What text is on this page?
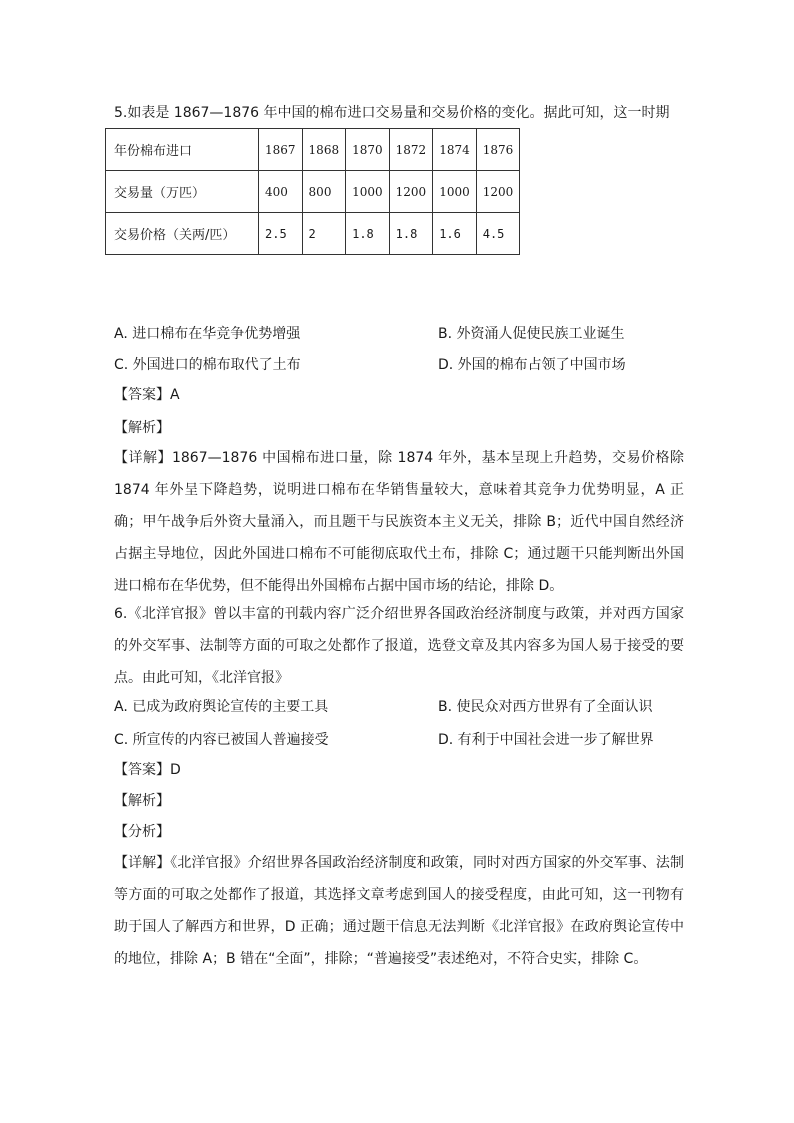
5.如表是 1867—1876 年中国的棉布进口交易量和交易价格的变化。据此可知，这一时期
年份棉布进口	1867	1868	1870	1872	1874	1876
交易量（万匹）	400	800	1000	1200	1000	1200
交易价格（关两/匹）	2.5	2	1.8	1.8	1.6	4.5
A. 进口棉布在华竞争优势增强	B. 外资涌人促使民族工业诞生
C. 外国进口的棉布取代了土布	D. 外国的棉布占领了中国市场
【答案】A
【解析】
【详解】1867—1876 中国棉布进口量，除 1874 年外，基本呈现上升趋势，交易价格除 1874 年外呈下降趋势，说明进口棉布在华销售量较大，意味着其竞争力优势明显，A 正确；甲午战争后外资大量涌入，而且题干与民族资本主义无关，排除 B；近代中国自然经济占据主导地位，因此外国进口棉布不可能彻底取代土布，排除 C；通过题干只能判断出外国进口棉布在华优势，但不能得出外国棉布占据中国市场的结论，排除 D。
6.《北洋官报》曾以丰富的刊载内容广泛介绍世界各国政治经济制度与政策，并对西方国家的外交军事、法制等方面的可取之处都作了报道，选登文章及其内容多为国人易于接受的要点。由此可知，《北洋官报》
A. 已成为政府舆论宣传的主要工具	B. 使民众对西方世界有了全面认识
C. 所宣传的内容已被国人普遍接受	D. 有利于中国社会进一步了解世界
【答案】D
【解析】
【分析】
【详解】《北洋官报》介绍世界各国政治经济制度和政策，同时对西方国家的外交军事、法制等方面的可取之处都作了报道，其选择文章考虑到国人的接受程度，由此可知，这一刊物有助于国人了解西方和世界，D 正确；通过题干信息无法判断《北洋官报》在政府舆论宣传中的地位，排除 A；B 错在“全面”，排除；“普遍接受”表述绝对，不符合史实，排除 C。
